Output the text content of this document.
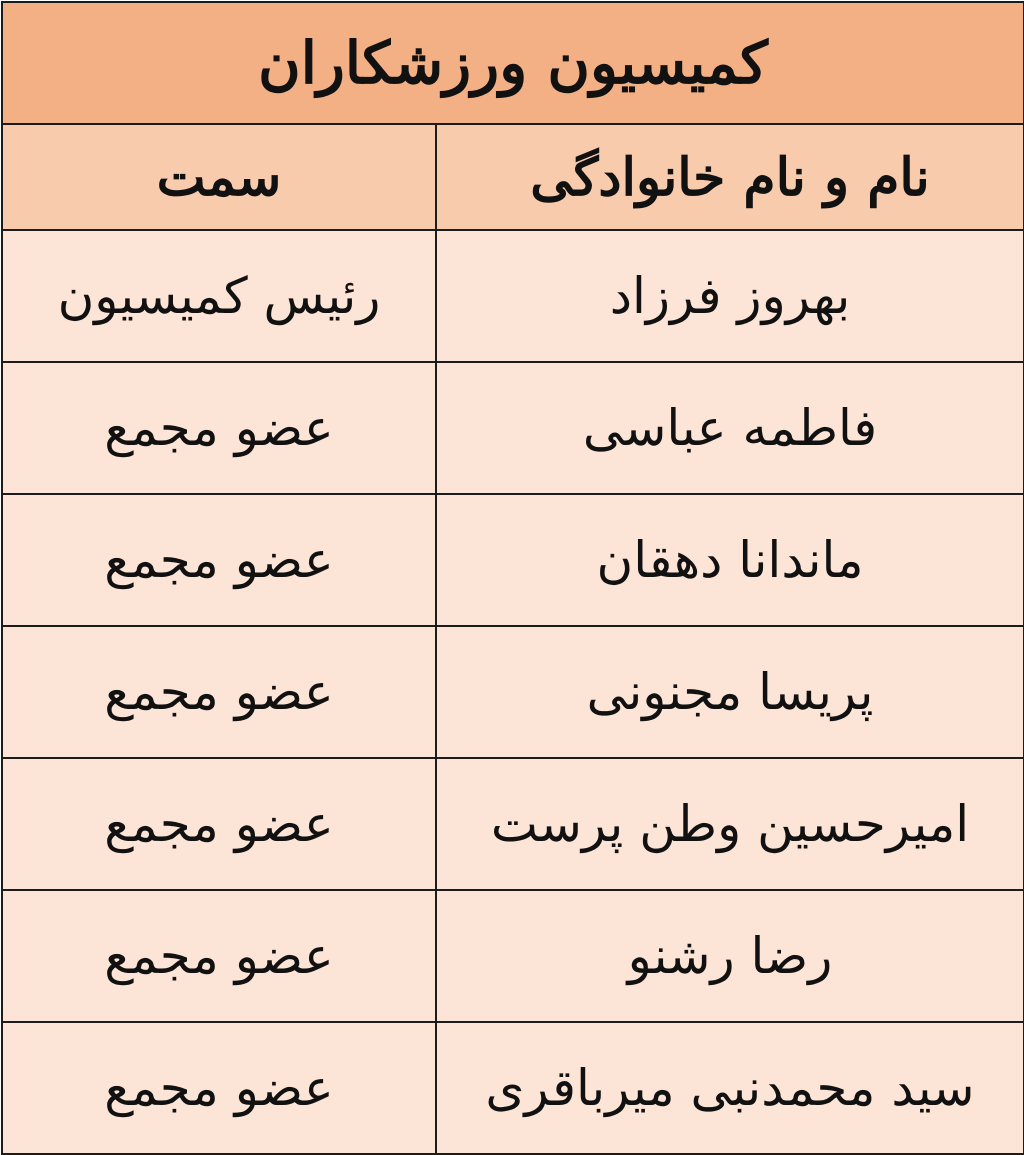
کمیسیون ورزشکاران	
نام و نام خانوادگی	سمت
بهروز فرزاد	رئیس کمیسیون
فاطمه عباسی	عضو مجمع
ماندانا دهقان	عضو مجمع
پریسا مجنونی	عضو مجمع
امیرحسین وطن پرست	عضو مجمع
رضا رشنو	عضو مجمع
سید محمدنبی میرباقری	عضو مجمع
